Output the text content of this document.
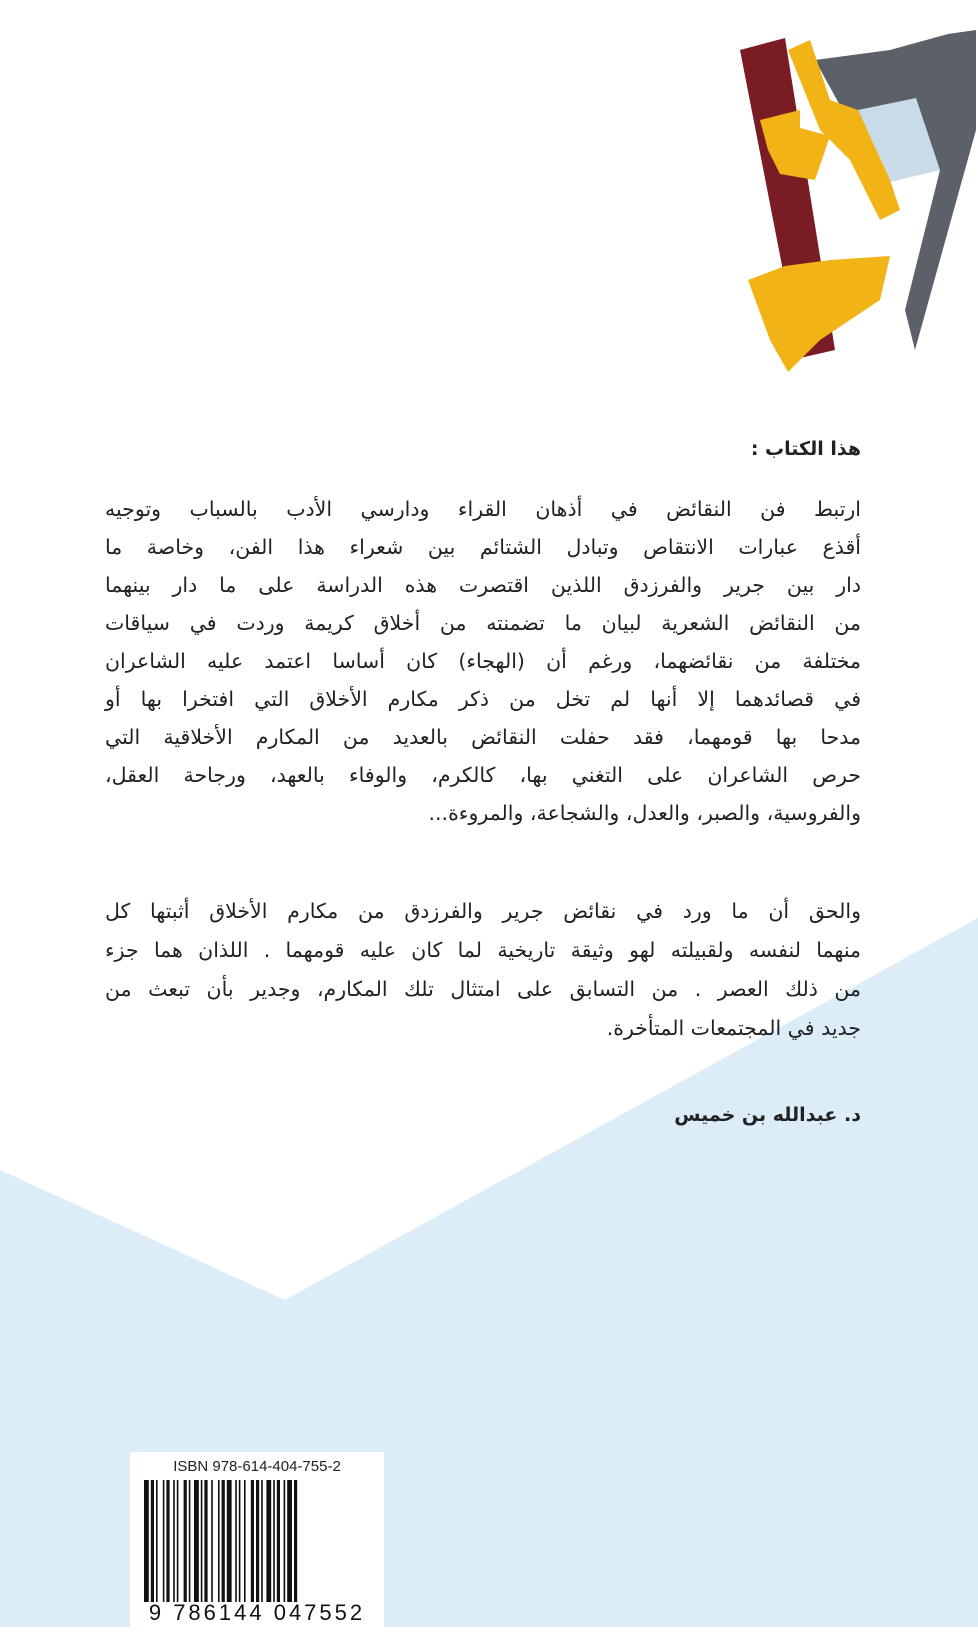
هذا الكتاب :
ارتبط فن النقائض في أذهان القراء ودارسي الأدب بالسباب وتوجيه
أقذع عبارات الانتقاص وتبادل الشتائم بين شعراء هذا الفن، وخاصة ما
دار بين جرير والفرزدق اللذين اقتصرت هذه الدراسة على ما دار بينهما
من النقائض الشعرية لبيان ما تضمنته من أخلاق كريمة وردت في سياقات
مختلفة من نقائضهما، ورغم أن (الهجاء) كان أساسا اعتمد عليه الشاعران
في قصائدهما إلا أنها لم تخل من ذكر مكارم الأخلاق التي افتخرا بها أو
مدحا بها قومهما، فقد حفلت النقائض بالعديد من المكارم الأخلاقية التي
حرص الشاعران على التغني بها، كالكرم، والوفاء بالعهد، ورجاحة العقل،
والفروسية، والصبر، والعدل، والشجاعة، والمروءة...
والحق أن ما ورد في نقائض جرير والفرزدق من مكارم الأخلاق أثبتها كل
منهما لنفسه ولقبيلته لهو وثيقة تاريخية لما كان عليه قومهما . اللذان هما جزء
من ذلك العصر . من التسابق على امتثال تلك المكارم، وجدير بأن تبعث من
جديد في المجتمعات المتأخرة.
د. عبدالله بن خميس
ISBN 978-614-404-755-2
9 786144 047552
